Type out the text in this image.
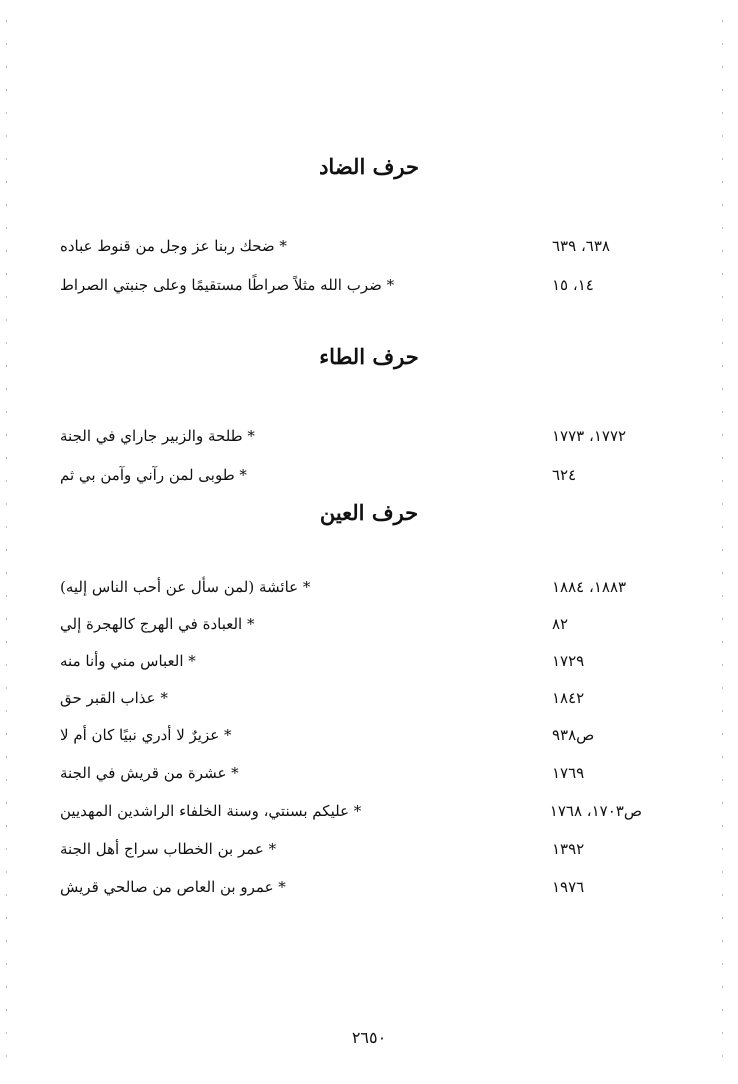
حرف الضاد
* ضحك ربنا عز وجل من قنوط عباده	٦٣٨، ٦٣٩
* ضرب الله مثلاً صراطًا مستقيمًا وعلى جنبتي الصراط	١٤، ١٥
حرف الطاء
* طلحة والزبير جاراي في الجنة	١٧٧٢، ١٧٧٣
* طوبى لمن رآني وآمن بي ثم	٦٢٤
حرف العين
* عائشة (لمن سأل عن أحب الناس إليه)	١٨٨٣، ١٨٨٤
* العبادة في الهرج كالهجرة إلي	٨٢
* العباس مني وأنا منه	١٧٢٩
* عذاب القبر حق	١٨٤٢
* عزيرٌ لا أدري نبيًا كان أم لا	ص٩٣٨
* عشرة من قريش في الجنة	١٧٦٩
* عليكم بسنتي، وسنة الخلفاء الراشدين المهديين	ص١٧٠٣، ١٧٦٨
* عمر بن الخطاب سراج أهل الجنة	١٣٩٢
* عمرو بن العاص من صالحي قريش	١٩٧٦
٢٦٥٠
